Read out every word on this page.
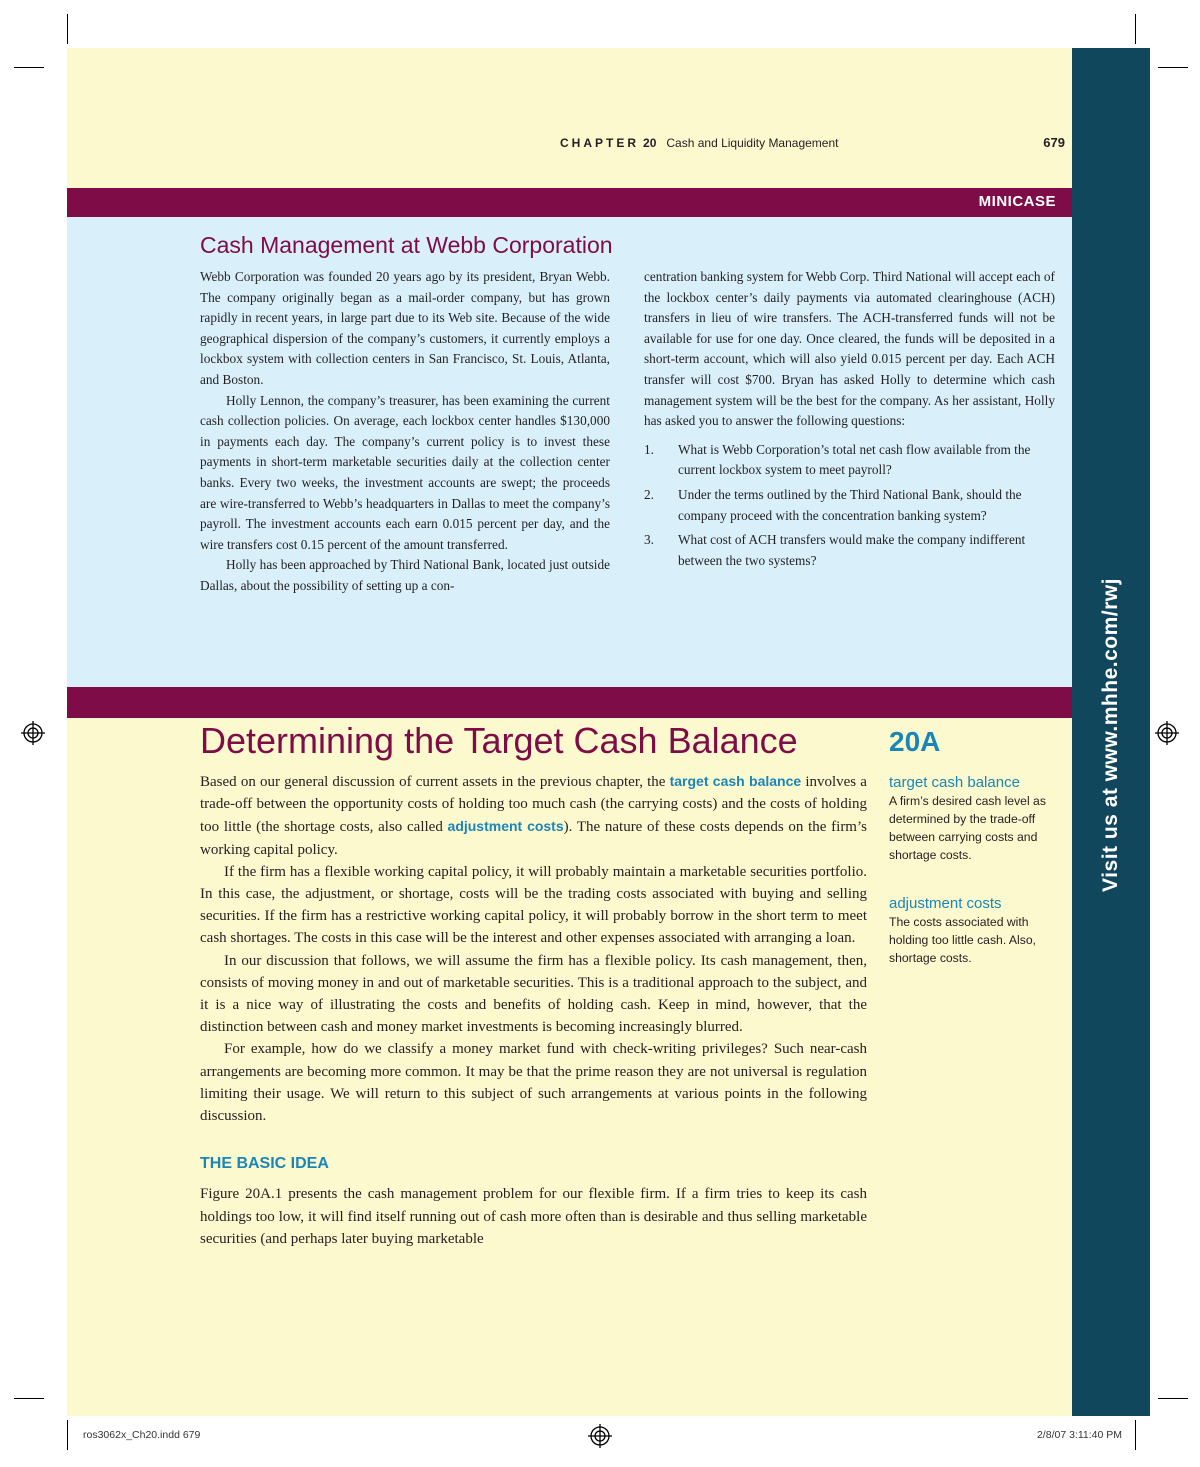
Visit us at www.mhhe.com/rwj
CHAPTER 20 Cash and Liquidity Management	679
MINICASE
Cash Management at Webb Corporation

Webb Corporation was founded 20 years ago by its president, Bryan Webb. The company originally began as a mail-order company, but has grown rapidly in recent years, in large part due to its Web site. Because of the wide geographical dispersion of the company’s customers, it currently employs a lockbox system with collection centers in San Francisco, St. Louis, Atlanta, and Boston.

Holly Lennon, the company’s treasurer, has been examining the current cash collection policies. On average, each lockbox center handles $130,000 in payments each day. The company’s current policy is to invest these payments in short-term marketable securities daily at the collection center banks. Every two weeks, the investment accounts are swept; the proceeds are wire-transferred to Webb’s headquarters in Dallas to meet the company’s payroll. The investment accounts each earn 0.015 percent per day, and the wire transfers cost 0.15 percent of the amount transferred.

Holly has been approached by Third National Bank, located just outside Dallas, about the possibility of setting up a con-

centration banking system for Webb Corp. Third National will accept each of the lockbox center’s daily payments via automated clearinghouse (ACH) transfers in lieu of wire transfers. The ACH-transferred funds will not be available for use for one day. Once cleared, the funds will be deposited in a short-term account, which will also yield 0.015 percent per day. Each ACH transfer will cost $700. Bryan has asked Holly to determine which cash management system will be the best for the company. As her assistant, Holly has asked you to answer the following questions:

1.	What is Webb Corporation’s total net cash flow available from the current lockbox system to meet payroll?
2.	Under the terms outlined by the Third National Bank, should the company proceed with the concentration banking system?
3.	What cost of ACH transfers would make the company indifferent between the two systems?
Determining the Target Cash Balance	20A

Based on our general discussion of current assets in the previous chapter, the target cash balance involves a trade-off between the opportunity costs of holding too much cash (the carrying costs) and the costs of holding too little (the shortage costs, also called adjustment costs). The nature of these costs depends on the firm’s working capital policy.

If the firm has a flexible working capital policy, it will probably maintain a marketable securities portfolio. In this case, the adjustment, or shortage, costs will be the trading costs associated with buying and selling securities. If the firm has a restrictive working capital policy, it will probably borrow in the short term to meet cash shortages. The costs in this case will be the interest and other expenses associated with arranging a loan.

In our discussion that follows, we will assume the firm has a flexible policy. Its cash management, then, consists of moving money in and out of marketable securities. This is a traditional approach to the subject, and it is a nice way of illustrating the costs and benefits of holding cash. Keep in mind, however, that the distinction between cash and money market investments is becoming increasingly blurred.

For example, how do we classify a money market fund with check-writing privileges? Such near-cash arrangements are becoming more common. It may be that the prime reason they are not universal is regulation limiting their usage. We will return to this subject of such arrangements at various points in the following discussion.

THE BASIC IDEA

Figure 20A.1 presents the cash management problem for our flexible firm. If a firm tries to keep its cash holdings too low, it will find itself running out of cash more often than is desirable and thus selling marketable securities (and perhaps later buying marketable

target cash balance
A firm’s desired cash level as determined by the trade-off between carrying costs and shortage costs.
adjustment costs
The costs associated with holding too little cash. Also, shortage costs.
ros3062x_Ch20.indd 679	2/8/07 3:11:40 PM
